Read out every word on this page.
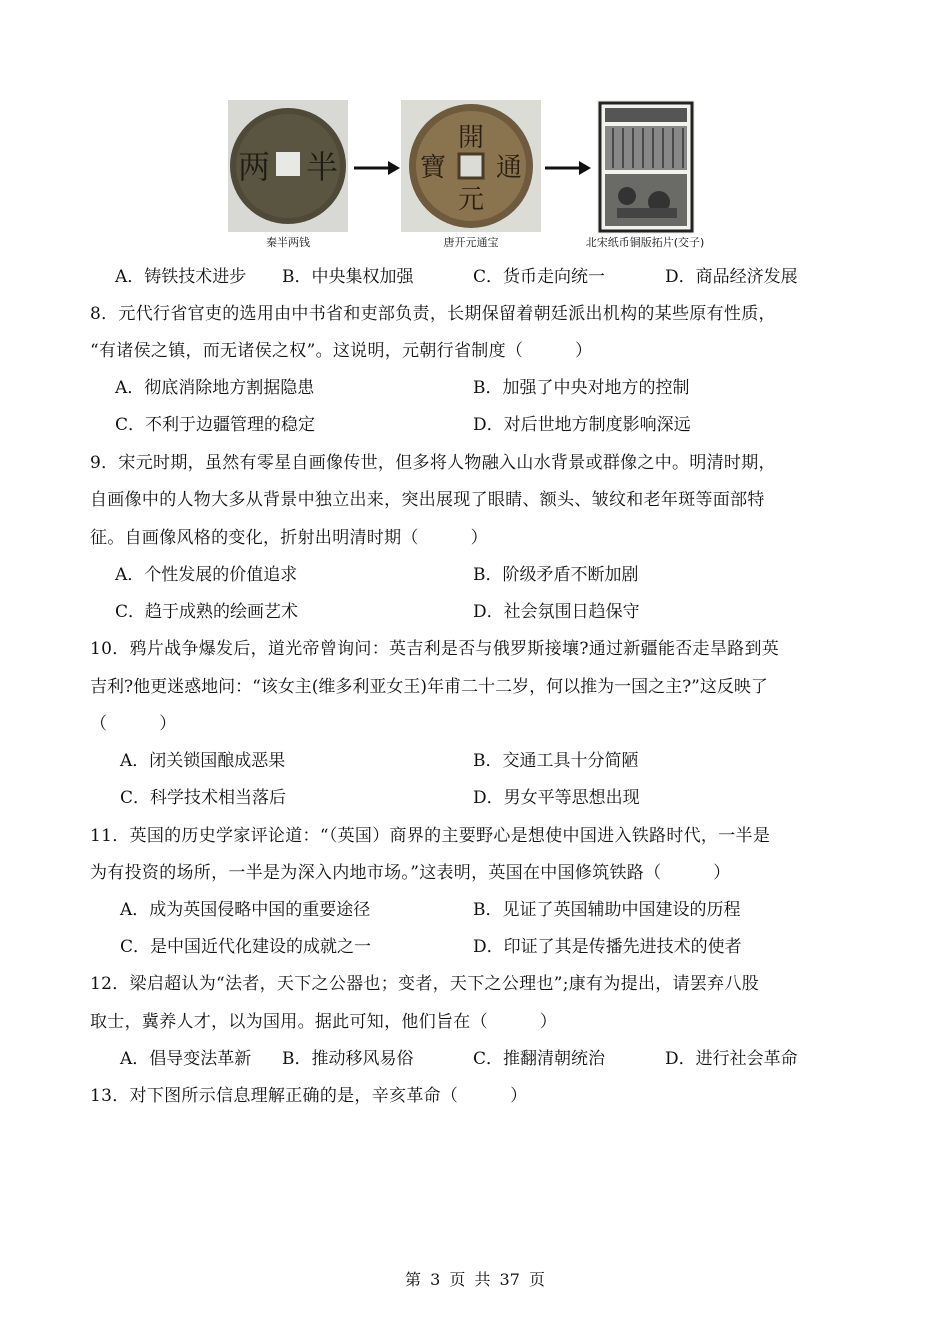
两 半
秦半两钱
開
通
元
寶
唐开元通宝	北宋纸币铜版拓片(交子)
A．铸铁技术进步 B．中央集权加强	C．货币走向统一	D．商品经济发展
8．元代行省官吏的选用由中书省和吏部负责，长期保留着朝廷派出机构的某些原有性质，
“有诸侯之镇，而无诸侯之权”。这说明，元朝行省制度（　　　）
A．彻底消除地方割据隐患	B．加强了中央对地方的控制
C．不利于边疆管理的稳定	D．对后世地方制度影响深远
9．宋元时期，虽然有零星自画像传世，但多将人物融入山水背景或群像之中。明清时期，
自画像中的人物大多从背景中独立出来，突出展现了眼睛、额头、皱纹和老年斑等面部特
征。自画像风格的变化，折射出明清时期（　　　）
A．个性发展的价值追求	B．阶级矛盾不断加剧
C．趋于成熟的绘画艺术	D．社会氛围日趋保守
10．鸦片战争爆发后，道光帝曾询问：英吉利是否与俄罗斯接壤?通过新疆能否走旱路到英
吉利?他更迷惑地问：“该女主(维多利亚女王)年甫二十二岁，何以推为一国之主?”这反映了
（　　　）
A．闭关锁国酿成恶果	B．交通工具十分简陋
C．科学技术相当落后	D．男女平等思想出现
11．英国的历史学家评论道：“（英国）商界的主要野心是想使中国进入铁路时代，一半是
为有投资的场所，一半是为深入内地市场。”这表明，英国在中国修筑铁路（　　　）
A．成为英国侵略中国的重要途径	B．见证了英国辅助中国建设的历程
C．是中国近代化建设的成就之一	D．印证了其是传播先进技术的使者
12．梁启超认为“法者，天下之公器也；变者，天下之公理也”;康有为提出，请罢弃八股
取士，冀养人才，以为国用。据此可知，他们旨在（　　　）
A．倡导变法革新 B．推动移风易俗	C．推翻清朝统治	D．进行社会革命
13．对下图所示信息理解正确的是，辛亥革命（　　　）
第 3 页 共 37 页
